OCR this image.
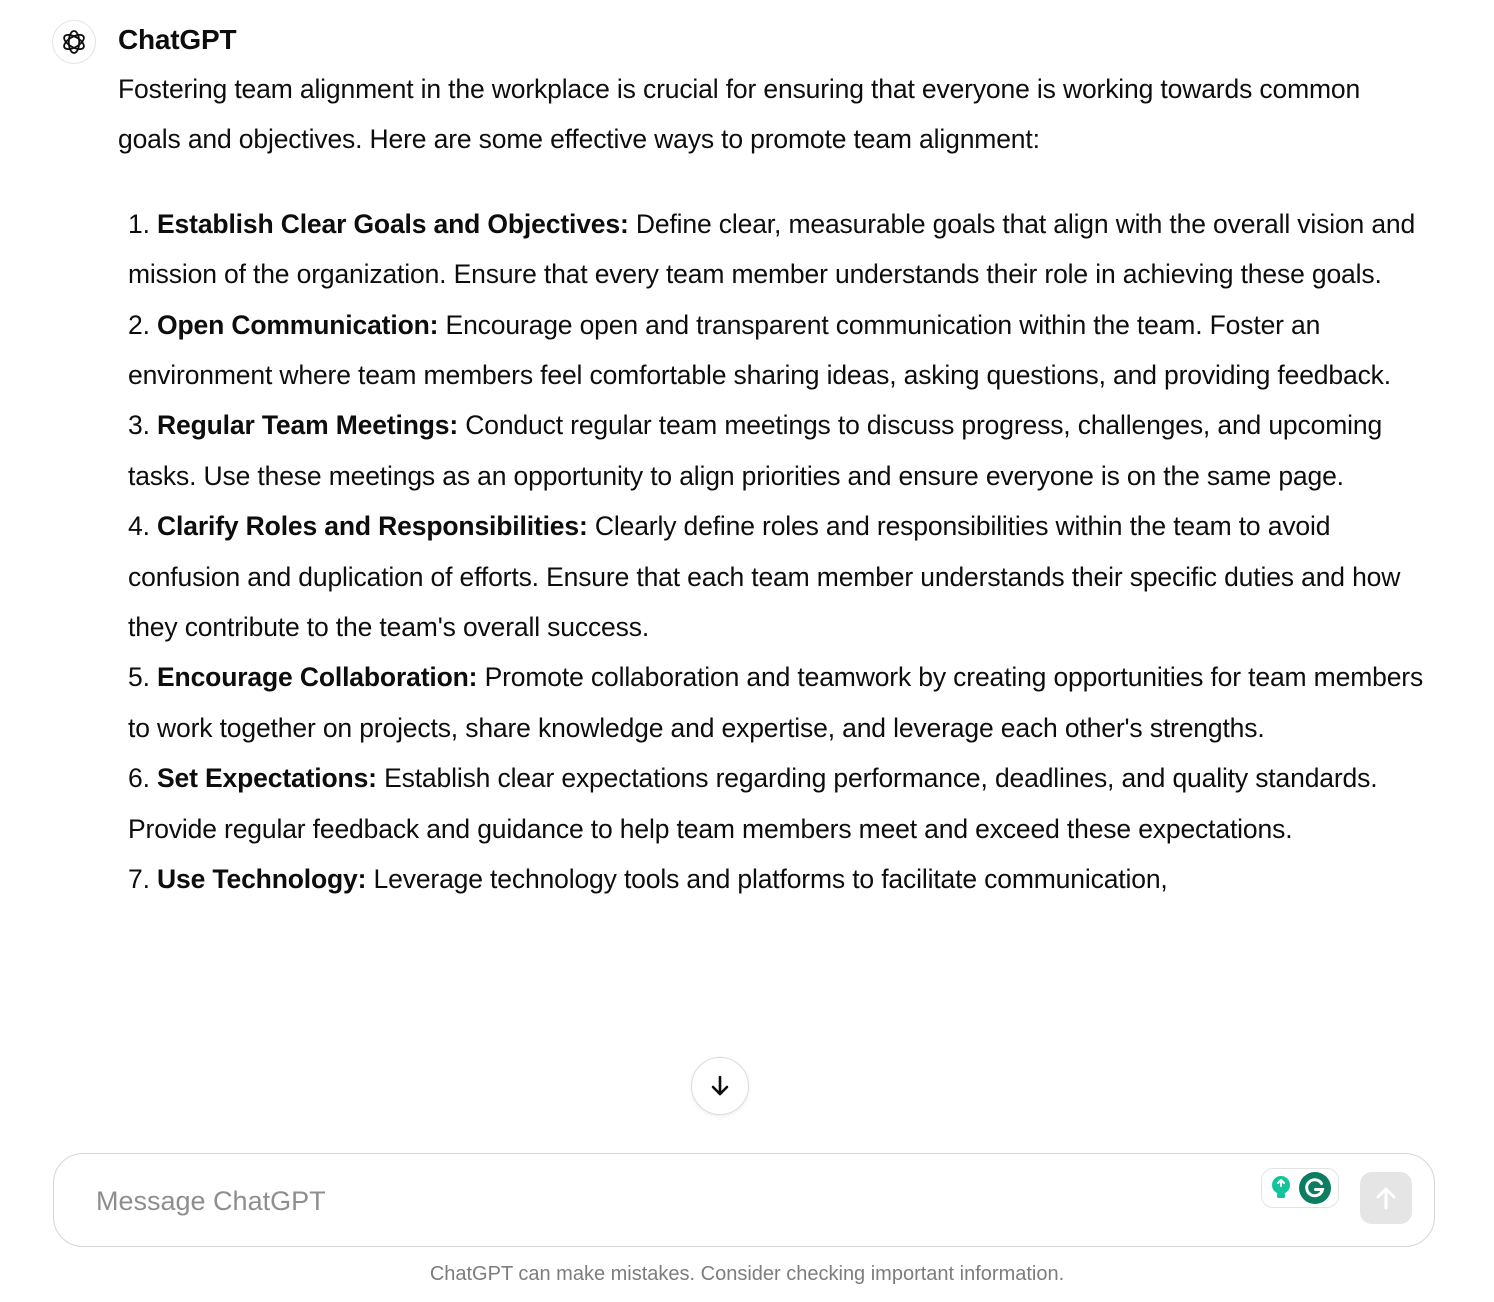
ChatGPT

Fostering team alignment in the workplace is crucial for ensuring that everyone is working towards common goals and objectives. Here are some effective ways to promote team alignment:

1. Establish Clear Goals and Objectives: Define clear, measurable goals that align with the overall vision and mission of the organization. Ensure that every team member understands their role in achieving these goals.
2. Open Communication: Encourage open and transparent communication within the team. Foster an environment where team members feel comfortable sharing ideas, asking questions, and providing feedback.
3. Regular Team Meetings: Conduct regular team meetings to discuss progress, challenges, and upcoming tasks. Use these meetings as an opportunity to align priorities and ensure everyone is on the same page.
4. Clarify Roles and Responsibilities: Clearly define roles and responsibilities within the team to avoid confusion and duplication of efforts. Ensure that each team member understands their specific duties and how they contribute to the team's overall success.
5. Encourage Collaboration: Promote collaboration and teamwork by creating opportunities for team members to work together on projects, share knowledge and expertise, and leverage each other's strengths.
6. Set Expectations: Establish clear expectations regarding performance, deadlines, and quality standards. Provide regular feedback and guidance to help team members meet and exceed these expectations.
7. Use Technology: Leverage technology tools and platforms to facilitate communication,
Message ChatGPT
ChatGPT can make mistakes. Consider checking important information.
